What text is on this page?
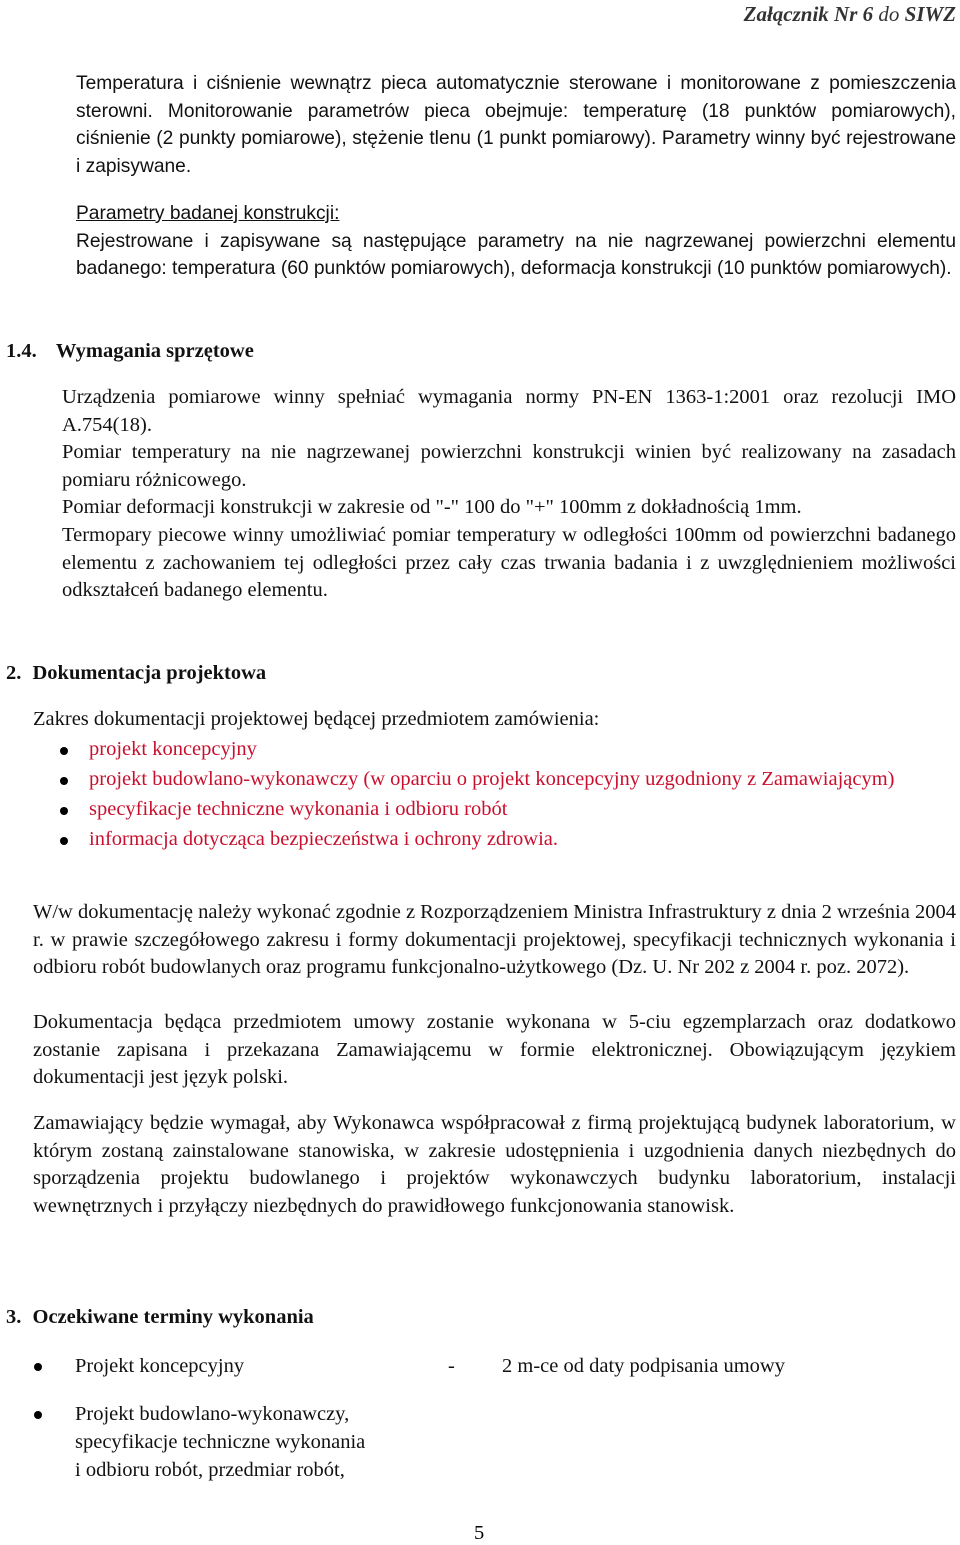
Załącznik Nr 6 do SIWZ

Temperatura i ciśnienie wewnątrz pieca automatycznie sterowane i monitorowane z pomieszczenia sterowni. Monitorowanie parametrów pieca obejmuje: temperaturę (18 punktów pomiarowych), ciśnienie (2 punkty pomiarowe), stężenie tlenu (1 punkt pomiarowy). Parametry winny być rejestrowane i zapisywane.

Parametry badanej konstrukcji:

Rejestrowane i zapisywane są następujące parametry na nie nagrzewanej powierzchni elementu badanego: temperatura (60 punktów pomiarowych), deformacja konstrukcji (10 punktów pomiarowych).

1.4. Wymagania sprzętowe

Urządzenia pomiarowe winny spełniać wymagania normy PN-EN 1363-1:2001 oraz rezolucji IMO A.754(18).

Pomiar temperatury na nie nagrzewanej powierzchni konstrukcji winien być realizowany na zasadach pomiaru różnicowego.

Pomiar deformacji konstrukcji w zakresie od "-" 100 do "+" 100mm z dokładnością 1mm.

Termopary piecowe winny umożliwiać pomiar temperatury w odległości 100mm od powierzchni badanego elementu z zachowaniem tej odległości przez cały czas trwania badania i z uwzględnieniem możliwości odkształceń badanego elementu.

2. Dokumentacja projektowa

Zakres dokumentacji projektowej będącej przedmiotem zamówienia:

projekt koncepcyjny
projekt budowlano-wykonawczy (w oparciu o projekt koncepcyjny uzgodniony z Zamawiającym)
specyfikacje techniczne wykonania i odbioru robót
informacja dotycząca bezpieczeństwa i ochrony zdrowia.

W/w dokumentację należy wykonać zgodnie z Rozporządzeniem Ministra Infrastruktury z dnia 2 września 2004 r. w prawie szczegółowego zakresu i formy dokumentacji projektowej, specyfikacji technicznych wykonania i odbioru robót budowlanych oraz programu funkcjonalno-użytkowego (Dz. U. Nr 202 z 2004 r. poz. 2072).

Dokumentacja będąca przedmiotem umowy zostanie wykonana w 5-ciu egzemplarzach oraz dodatkowo zostanie zapisana i przekazana Zamawiającemu w formie elektronicznej. Obowiązującym językiem dokumentacji jest język polski.

Zamawiający będzie wymagał, aby Wykonawca współpracował z firmą projektującą budynek laboratorium, w którym zostaną zainstalowane stanowiska, w zakresie udostępnienia i uzgodnienia danych niezbędnych do sporządzenia projektu budowlanego i projektów wykonawczych budynku laboratorium, instalacji wewnętrznych i przyłączy niezbędnych do prawidłowego funkcjonowania stanowisk.

3. Oczekiwane terminy wykonania
Projekt koncepcyjny	- 2 m-ce od daty podpisania umowy
Projekt budowlano-wykonawczy,
specyfikacje techniczne wykonania
i odbioru robót, przedmiar robót,
5
